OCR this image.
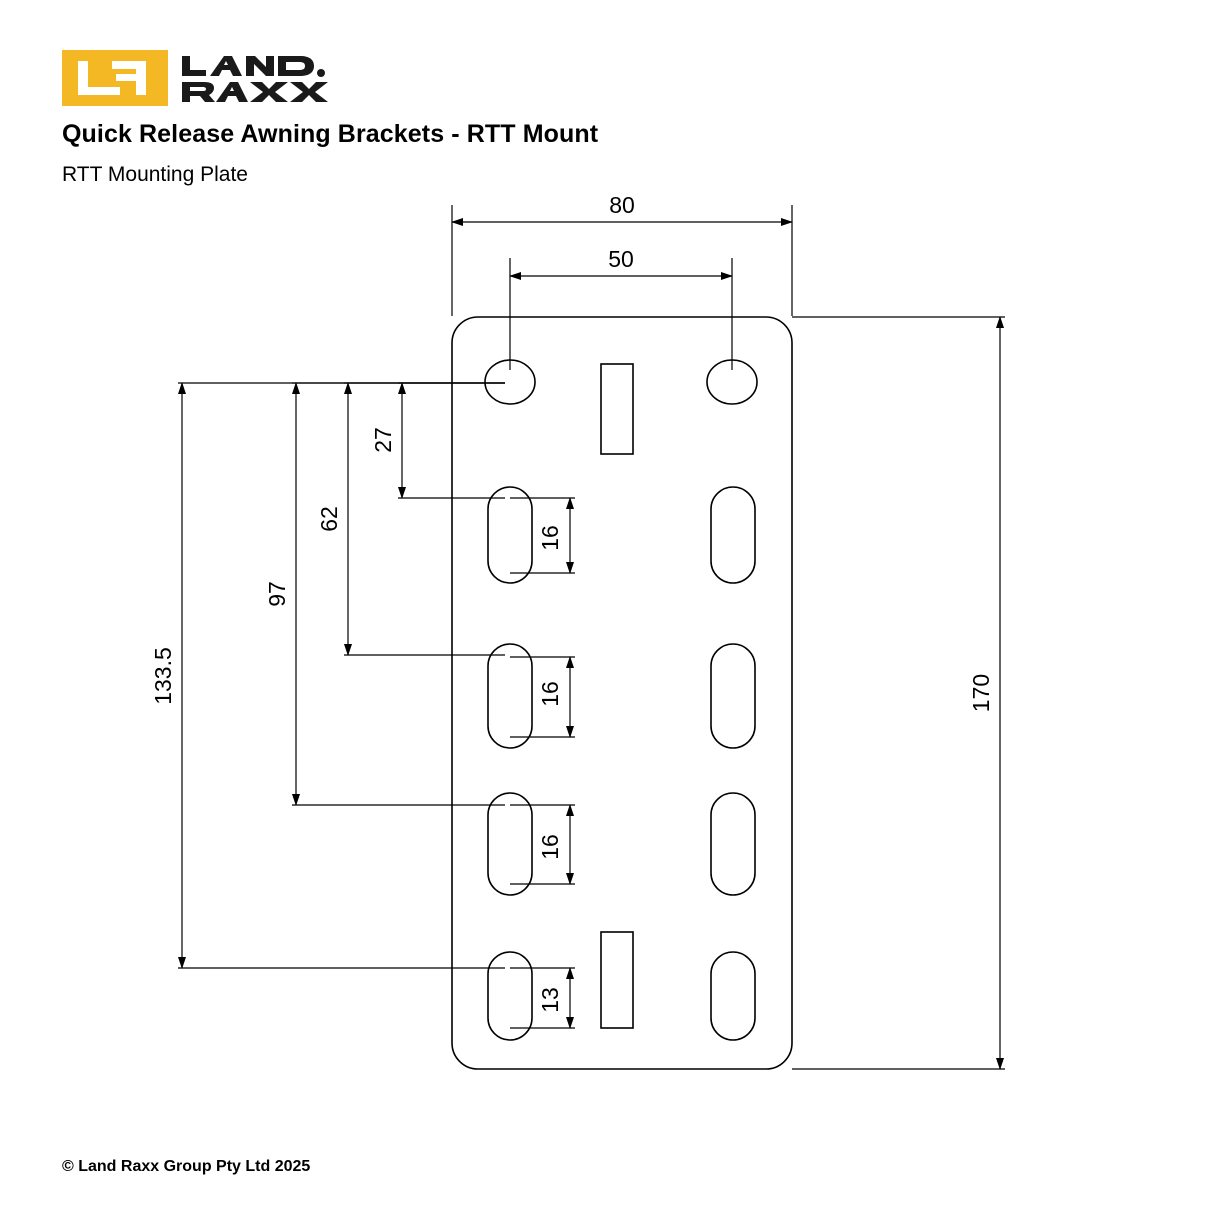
Quick Release Awning Brackets - RTT Mount
RTT Mounting Plate
© Land Raxx Group Pty Ltd 2025
80
50
170
133.5
97
62
27
16
16
16
13
